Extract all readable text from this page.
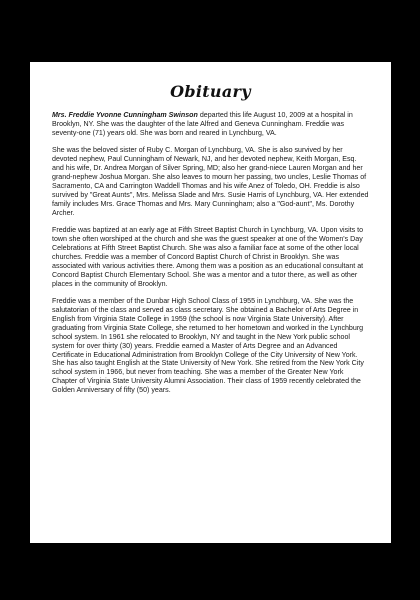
Obituary

Mrs. Freddie Yvonne Cunningham Swinson departed this life August 10, 2009 at a hospital in Brooklyn, NY. She was the daughter of the late Alfred and Geneva Cunningham. Freddie was seventy-one (71) years old. She was born and reared in Lynchburg, VA.

She was the beloved sister of Ruby C. Morgan of Lynchburg, VA. She is also survived by her devoted nephew, Paul Cunningham of Newark, NJ, and her devoted nephew, Keith Morgan, Esq. and his wife, Dr. Andrea Morgan of Silver Spring, MD; also her grand-niece Lauren Morgan and her grand-nephew Joshua Morgan. She also leaves to mourn her passing, two uncles, Leslie Thomas of Sacramento, CA and Carrington Waddell Thomas and his wife Anez of Toledo, OH. Freddie is also survived by "Great Aunts", Mrs. Melissa Slade and Mrs. Susie Harris of Lynchburg, VA. Her extended family includes Mrs. Grace Thomas and Mrs. Mary Cunningham; also a "God-aunt", Ms. Dorothy Archer.

Freddie was baptized at an early age at Fifth Street Baptist Church in Lynchburg, VA. Upon visits to town she often worshiped at the church and she was the guest speaker at one of the Women's Day Celebrations at Fifth Street Baptist Church. She was also a familiar face at some of the other local churches. Freddie was a member of Concord Baptist Church of Christ in Brooklyn. She was associated with various activities there. Among them was a position as an educational consultant at Concord Baptist Church Elementary School. She was a mentor and a tutor there, as well as other places in the community of Brooklyn.

Freddie was a member of the Dunbar High School Class of 1955 in Lynchburg, VA. She was the salutatorian of the class and served as class secretary. She obtained a Bachelor of Arts Degree in English from Virginia State College in 1959 (the school is now Virginia State University). After graduating from Virginia State College, she returned to her hometown and worked in the Lynchburg school system. In 1961 she relocated to Brooklyn, NY and taught in the New York public school system for over thirty (30) years. Freddie earned a Master of Arts Degree and an Advanced Certificate in Educational Administration from Brooklyn College of the City University of New York. She has also taught English at the State University of New York. She retired from the New York City school system in 1966, but never from teaching. She was a member of the Greater New York Chapter of Virginia State University Alumni Association. Their class of 1959 recently celebrated the Golden Anniversary of fifty (50) years.
